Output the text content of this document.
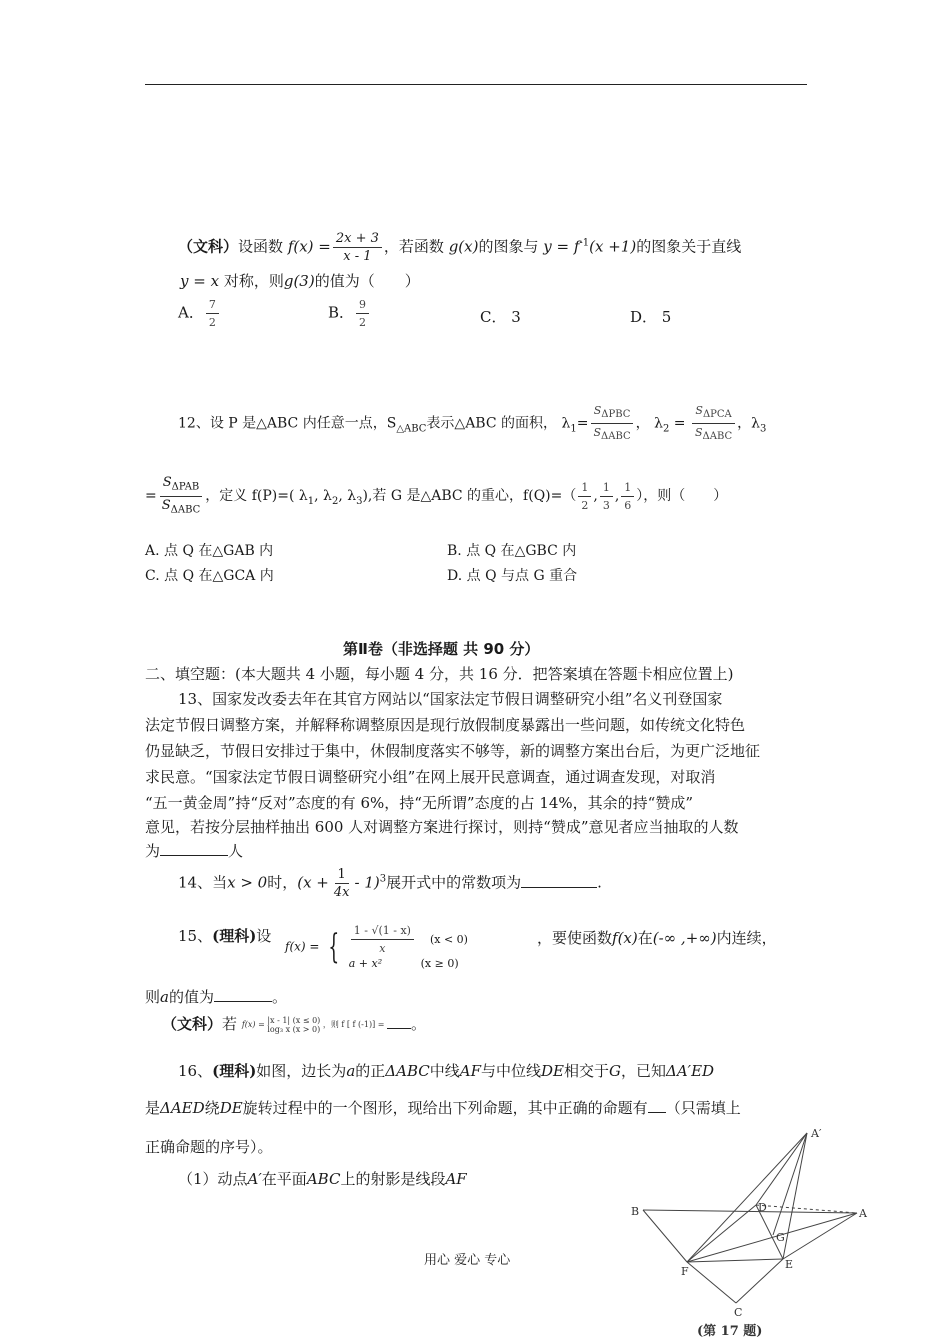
（文科）设函数 $f(x) = \frac{2x + 3}{x - 1}$ ，若函数 g(x)的图象与 $y = f^{-1}(x +1)$的图象关于直线
y = x 对称，则g(3)的值为（　　）
A． $\frac{7}{2}$	B． $\frac{9}{2}$	C． 3	D． 5
12、设 P 是△ABC 内任意一点，$S_{\triangle ABC}$表示△ABC 的面积， $\lambda_1= \frac{S_{\Delta PBC}}{S_{\Delta ABC}}$ ， $\lambda_2 = \frac{S_{\Delta PCA}}{S_{\Delta ABC}}$ ，$\lambda_3$
= $\frac{S_{\Delta PAB}}{S_{\Delta ABC}}$ ，定义 f(P)=( $\lambda_1$, $\lambda_2$, $\lambda_3$),若 G 是△ABC 的重心，$f(Q)=( \frac{1}{2}$ , $\frac{1}{3}$ , $\frac{1}{6}$ ），则（　　）
A. 点 Q 在△GAB 内	B. 点 Q 在△GBC 内
C. 点 Q 在△GCA 内	D. 点 Q 与点 G 重合
第Ⅱ卷（非选择题 共 90 分）
二、填空题：(本大题共 4 小题，每小题 4 分，共 16 分．把答案填在答题卡相应位置上)
13、国家发改委去年在其官方网站以“国家法定节假日调整研究小组”名义刊登国家
法定节假日调整方案，并解释称调整原因是现行放假制度暴露出一些问题，如传统文化特色
仍显缺乏，节假日安排过于集中，休假制度落实不够等，新的调整方案出台后，为更广泛地征
求民意。“国家法定节假日调整研究小组”在网上展开民意调查，通过调查发现，对取消
“五一黄金周”持“反对”态度的有 6%，持“无所谓”态度的占 14%，其余的持“赞成”
意见，若按分层抽样抽出 600 人对调整方案进行探讨，则持“赞成”意见者应当抽取的人数
为	人
14、当x > 0时，$(x + \frac{1}{4x} - 1)^3$展开式中的常数项为	.
15、(理科)设
f(x) = { $\frac{1 - √(1 - x)}{x} (x < 0)$
a + x²	(x ≥ 0)
，要使函数f(x)在(-∞ ,+∞)内连续，
则a的值为	。
（文科）若 f(x) = |x - 1| (x ≤ 0)
log₃ x (x > 0) ，则 f [ f (-1)] = 。
16、(理科)如图，边长为a的正ΔABC中线AF与中位线DE相交于G，已知ΔA′ED
是ΔAED绕DE旋转过程中的一个图形，现给出下列命题，其中正确的命题有 （只需填上
正确命题的序号）。
（1）动点A′在平面ABC上的射影是线段AF
A′
B	A
D
G
F
E
C
(第 17 题)
用心 爱心 专心
